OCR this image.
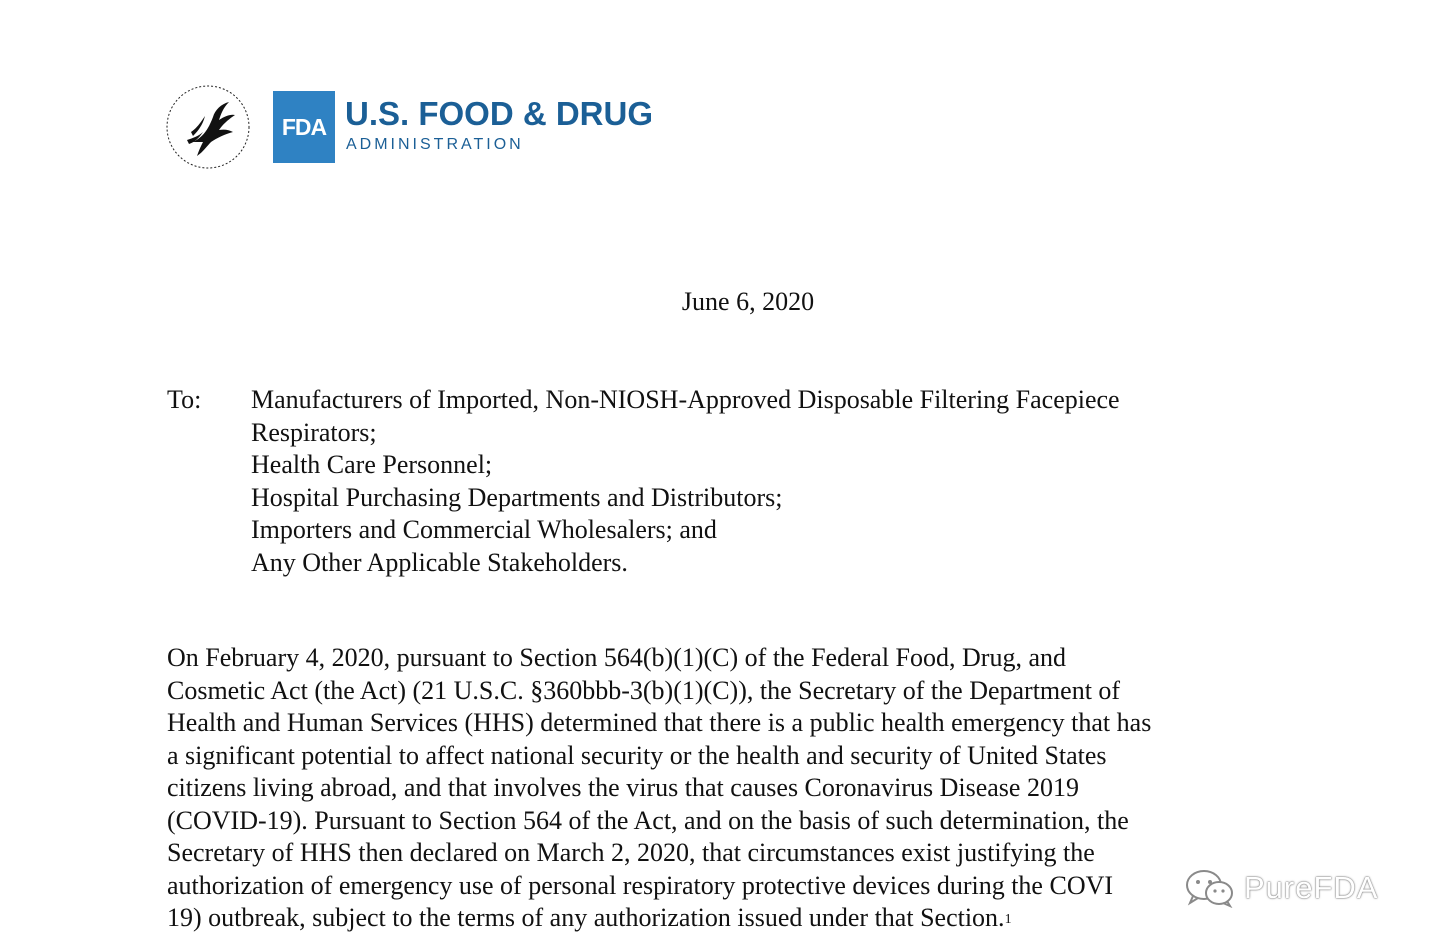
FDA U.S. FOOD & DRUG
ADMINISTRATION
June 6, 2020
To: Manufacturers of Imported, Non-NIOSH-Approved Disposable Filtering Facepiece
Respirators;
Health Care Personnel;
Hospital Purchasing Departments and Distributors;
Importers and Commercial Wholesalers; and
Any Other Applicable Stakeholders.
On February 4, 2020, pursuant to Section 564(b)(1)(C) of the Federal Food, Drug, and
Cosmetic Act (the Act) (21 U.S.C. §360bbb-3(b)(1)(C)), the Secretary of the Department of
Health and Human Services (HHS) determined that there is a public health emergency that has
a significant potential to affect national security or the health and security of United States
citizens living abroad, and that involves the virus that causes Coronavirus Disease 2019
(COVID-19). Pursuant to Section 564 of the Act, and on the basis of such determination, the
Secretary of HHS then declared on March 2, 2020, that circumstances exist justifying the
authorization of emergency use of personal respiratory protective devices during the COVI
19) outbreak, subject to the terms of any authorization issued under that Section.$^1$
PureFDA
